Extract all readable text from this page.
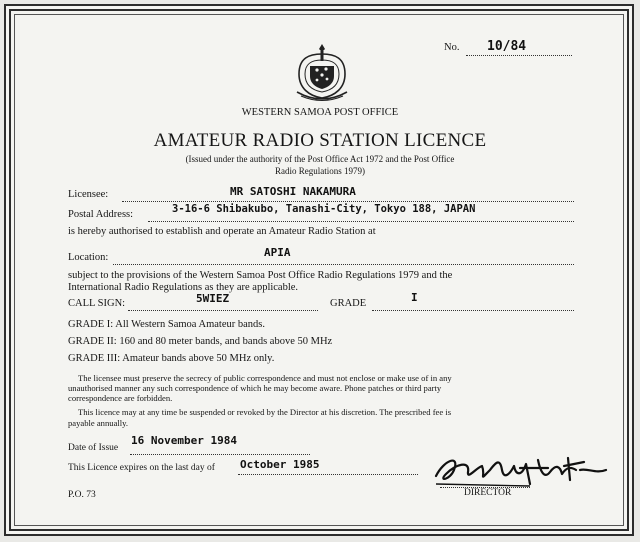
No. 10/84
WESTERN SAMOA POST OFFICE
AMATEUR RADIO STATION LICENCE
(Issued under the authority of the Post Office Act 1972 and the Post Office
Radio Regulations 1979)
Licensee:	MR SATOSHI NAKAMURA
Postal Address:	3-16-6 Shibakubo, Tanashi-City, Tokyo 188, JAPAN
is hereby authorised to establish and operate an Amateur Radio Station at
Location:	APIA
subject to the provisions of the Western Samoa Post Office Radio Regulations 1979 and the
International Radio Regulations as they are applicable.
CALL SIGN:	5WIEZ	GRADE	I
GRADE I: All Western Samoa Amateur bands.
GRADE II: 160 and 80 meter bands, and bands above 50 MHz
GRADE III: Amateur bands above 50 MHz only.
The licensee must preserve the secrecy of public correspondence and must not enclose or make use of in any
unauthorised manner any such correspondence of which he may become aware. Phone patches or third party
correspondence are forbidden.
This licence may at any time be suspended or revoked by the Director at his discretion. The prescribed fee is
payable annually.
Date of Issue
16 November 1984
This Licence expires on the last day of October 1985
DIRECTOR
P.O. 73
